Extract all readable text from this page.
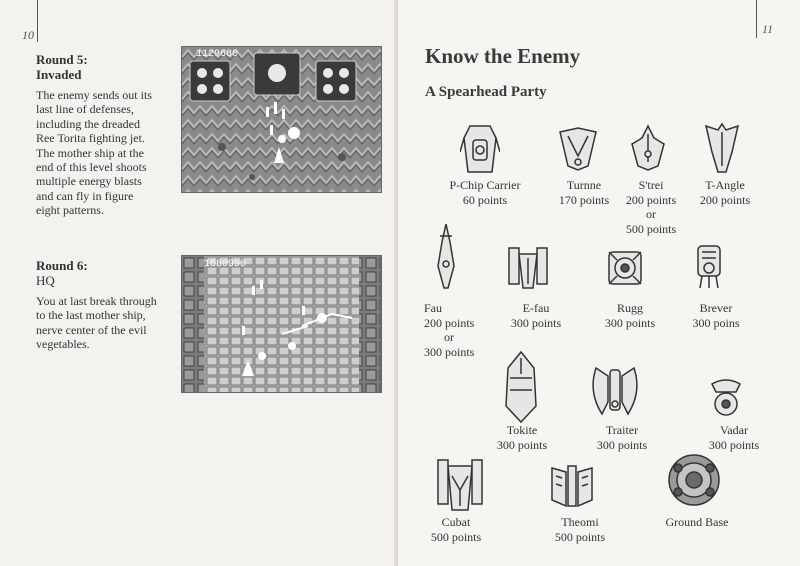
10
Round 5:
Invaded
The enemy sends out its
last line of defenses,
including the dreaded
Ree Torita fighting jet.
The mother ship at the
end of this level shoots
multiple energy blasts
and can fly in figure
eight patterns.
1129680
Round 6:
HQ
You at last break through
to the last mother ship,
nerve center of the evil
vegetables.
1680990
11
Know the Enemy
A Spearhead Party
P-Chip Carrier
60 points
Turnne
170 points
S'trei
200 points
or
500 points
T-Angle
200 points
Fau
200 points
or
300 points
E-fau
300 points
Rugg
300 points
Brever
300 poins
Tokite
300 points
Traiter
300 points
Vadar
300 points
Cubat
500 points
Theomi
500 points
Ground Base
